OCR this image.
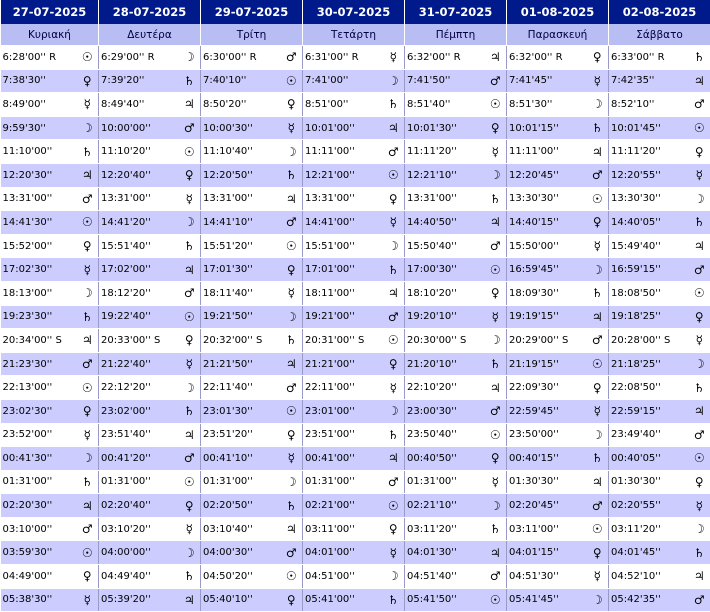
27-07-2025		28-07-2025		29-07-2025		30-07-2025		31-07-2025		01-08-2025		02-08-2025	
Κυριακή		Δευτέρα		Τρίτη		Τετάρτη		Πέμπτη		Παρασκευή		Σάββατο	
6:28'00'' R	☉	6:29'00'' R	☽	6:30'00'' R	♂	6:31'00'' R	☿	6:32'00'' R	♃	6:32'00'' R	♀	6:33'00'' R	♄
7:38'30''	♀	7:39'20''	♄	7:40'10''	☉	7:41'00''	☽	7:41'50''	♂	7:41'45''	☿	7:42'35''	♃
8:49'00''	☿	8:49'40''	♃	8:50'20''	♀	8:51'00''	♄	8:51'40''	☉	8:51'30''	☽	8:52'10''	♂
9:59'30''	☽	10:00'00''	♂	10:00'30''	☿	10:01'00''	♃	10:01'30''	♀	10:01'15''	♄	10:01'45''	☉
11:10'00''	♄	11:10'20''	☉	11:10'40''	☽	11:11'00''	♂	11:11'20''	☿	11:11'00''	♃	11:11'20''	♀
12:20'30''	♃	12:20'40''	♀	12:20'50''	♄	12:21'00''	☉	12:21'10''	☽	12:20'45''	♂	12:20'55''	☿
13:31'00''	♂	13:31'00''	☿	13:31'00''	♃	13:31'00''	♀	13:31'00''	♄	13:30'30''	☉	13:30'30''	☽
14:41'30''	☉	14:41'20''	☽	14:41'10''	♂	14:41'00''	☿	14:40'50''	♃	14:40'15''	♀	14:40'05''	♄
15:52'00''	♀	15:51'40''	♄	15:51'20''	☉	15:51'00''	☽	15:50'40''	♂	15:50'00''	☿	15:49'40''	♃
17:02'30''	☿	17:02'00''	♃	17:01'30''	♀	17:01'00''	♄	17:00'30''	☉	16:59'45''	☽	16:59'15''	♂
18:13'00''	☽	18:12'20''	♂	18:11'40''	☿	18:11'00''	♃	18:10'20''	♀	18:09'30''	♄	18:08'50''	☉
19:23'30''	♄	19:22'40''	☉	19:21'50''	☽	19:21'00''	♂	19:20'10''	☿	19:19'15''	♃	19:18'25''	♀
20:34'00'' S	♃	20:33'00'' S	♀	20:32'00'' S	♄	20:31'00'' S	☉	20:30'00'' S	☽	20:29'00'' S	♂	20:28'00'' S	☿
21:23'30''	♂	21:22'40''	☿	21:21'50''	♃	21:21'00''	♀	21:20'10''	♄	21:19'15''	☉	21:18'25''	☽
22:13'00''	☉	22:12'20''	☽	22:11'40''	♂	22:11'00''	☿	22:10'20''	♃	22:09'30''	♀	22:08'50''	♄
23:02'30''	♀	23:02'00''	♄	23:01'30''	☉	23:01'00''	☽	23:00'30''	♂	22:59'45''	☿	22:59'15''	♃
23:52'00''	☿	23:51'40''	♃	23:51'20''	♀	23:51'00''	♄	23:50'40''	☉	23:50'00''	☽	23:49'40''	♂
00:41'30''	☽	00:41'20''	♂	00:41'10''	☿	00:41'00''	♃	00:40'50''	♀	00:40'15''	♄	00:40'05''	☉
01:31'00''	♄	01:31'00''	☉	01:31'00''	☽	01:31'00''	♂	01:31'00''	☿	01:30'30''	♃	01:30'30''	♀
02:20'30''	♃	02:20'40''	♀	02:20'50''	♄	02:21'00''	☉	02:21'10''	☽	02:20'45''	♂	02:20'55''	☿
03:10'00''	♂	03:10'20''	☿	03:10'40''	♃	03:11'00''	♀	03:11'20''	♄	03:11'00''	☉	03:11'20''	☽
03:59'30''	☉	04:00'00''	☽	04:00'30''	♂	04:01'00''	☿	04:01'30''	♃	04:01'15''	♀	04:01'45''	♄
04:49'00''	♀	04:49'40''	♄	04:50'20''	☉	04:51'00''	☽	04:51'40''	♂	04:51'30''	☿	04:52'10''	♃
05:38'30''	☿	05:39'20''	♃	05:40'10''	♀	05:41'00''	♄	05:41'50''	☉	05:41'45''	☽	05:42'35''	♂
